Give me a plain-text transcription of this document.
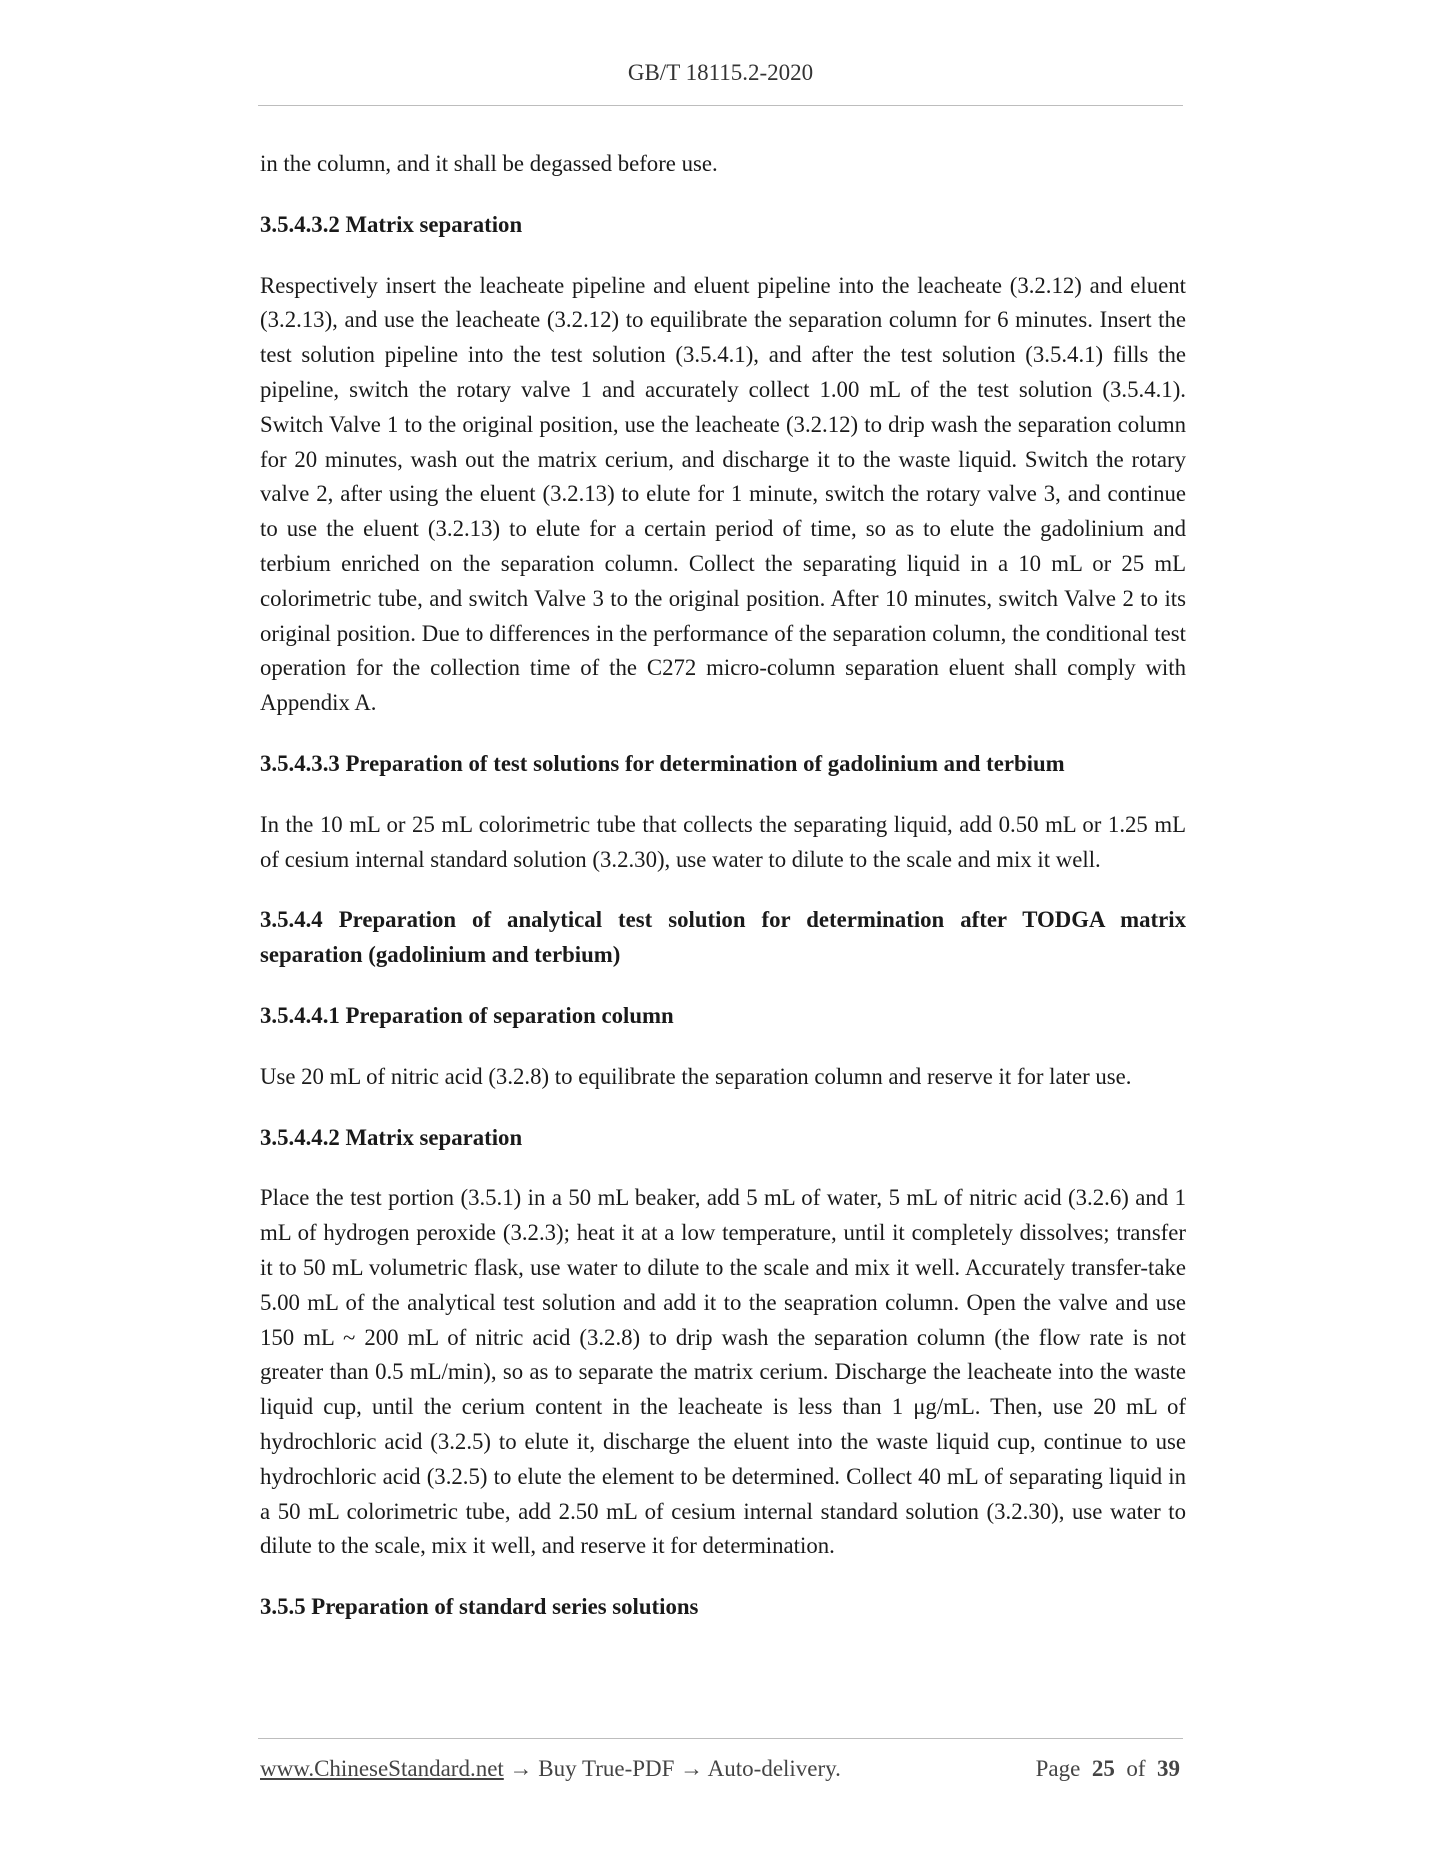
GB/T 18115.2-2020

in the column, and it shall be degassed before use.

3.5.4.3.2 Matrix separation

Respectively insert the leacheate pipeline and eluent pipeline into the leacheate (3.2.12) and eluent (3.2.13), and use the leacheate (3.2.12) to equilibrate the separation column for 6 minutes. Insert the test solution pipeline into the test solution (3.5.4.1), and after the test solution (3.5.4.1) fills the pipeline, switch the rotary valve 1 and accurately collect 1.00 mL of the test solution (3.5.4.1). Switch Valve 1 to the original position, use the leacheate (3.2.12) to drip wash the separation column for 20 minutes, wash out the matrix cerium, and discharge it to the waste liquid. Switch the rotary valve 2, after using the eluent (3.2.13) to elute for 1 minute, switch the rotary valve 3, and continue to use the eluent (3.2.13) to elute for a certain period of time, so as to elute the gadolinium and terbium enriched on the separation column. Collect the separating liquid in a 10 mL or 25 mL colorimetric tube, and switch Valve 3 to the original position. After 10 minutes, switch Valve 2 to its original position. Due to differences in the performance of the separation column, the conditional test operation for the collection time of the C272 micro-column separation eluent shall comply with Appendix A.

3.5.4.3.3 Preparation of test solutions for determination of gadolinium and terbium

In the 10 mL or 25 mL colorimetric tube that collects the separating liquid, add 0.50 mL or 1.25 mL of cesium internal standard solution (3.2.30), use water to dilute to the scale and mix it well.

3.5.4.4 Preparation of analytical test solution for determination after TODGA matrix separation (gadolinium and terbium)
3.5.4.4.1 Preparation of separation column

Use 20 mL of nitric acid (3.2.8) to equilibrate the separation column and reserve it for later use.

3.5.4.4.2 Matrix separation

Place the test portion (3.5.1) in a 50 mL beaker, add 5 mL of water, 5 mL of nitric acid (3.2.6) and 1 mL of hydrogen peroxide (3.2.3); heat it at a low temperature, until it completely dissolves; transfer it to 50 mL volumetric flask, use water to dilute to the scale and mix it well. Accurately transfer-take 5.00 mL of the analytical test solution and add it to the seapration column. Open the valve and use 150 mL ~ 200 mL of nitric acid (3.2.8) to drip wash the separation column (the flow rate is not greater than 0.5 mL/min), so as to separate the matrix cerium. Discharge the leacheate into the waste liquid cup, until the cerium content in the leacheate is less than 1 μg/mL. Then, use 20 mL of hydrochloric acid (3.2.5) to elute it, discharge the eluent into the waste liquid cup, continue to use hydrochloric acid (3.2.5) to elute the element to be determined. Collect 40 mL of separating liquid in a 50 mL colorimetric tube, add 2.50 mL of cesium internal standard solution (3.2.30), use water to dilute to the scale, mix it well, and reserve it for determination.

3.5.5 Preparation of standard series solutions
www.ChineseStandard.net → Buy True-PDF → Auto-delivery.	Page 25 of 39
